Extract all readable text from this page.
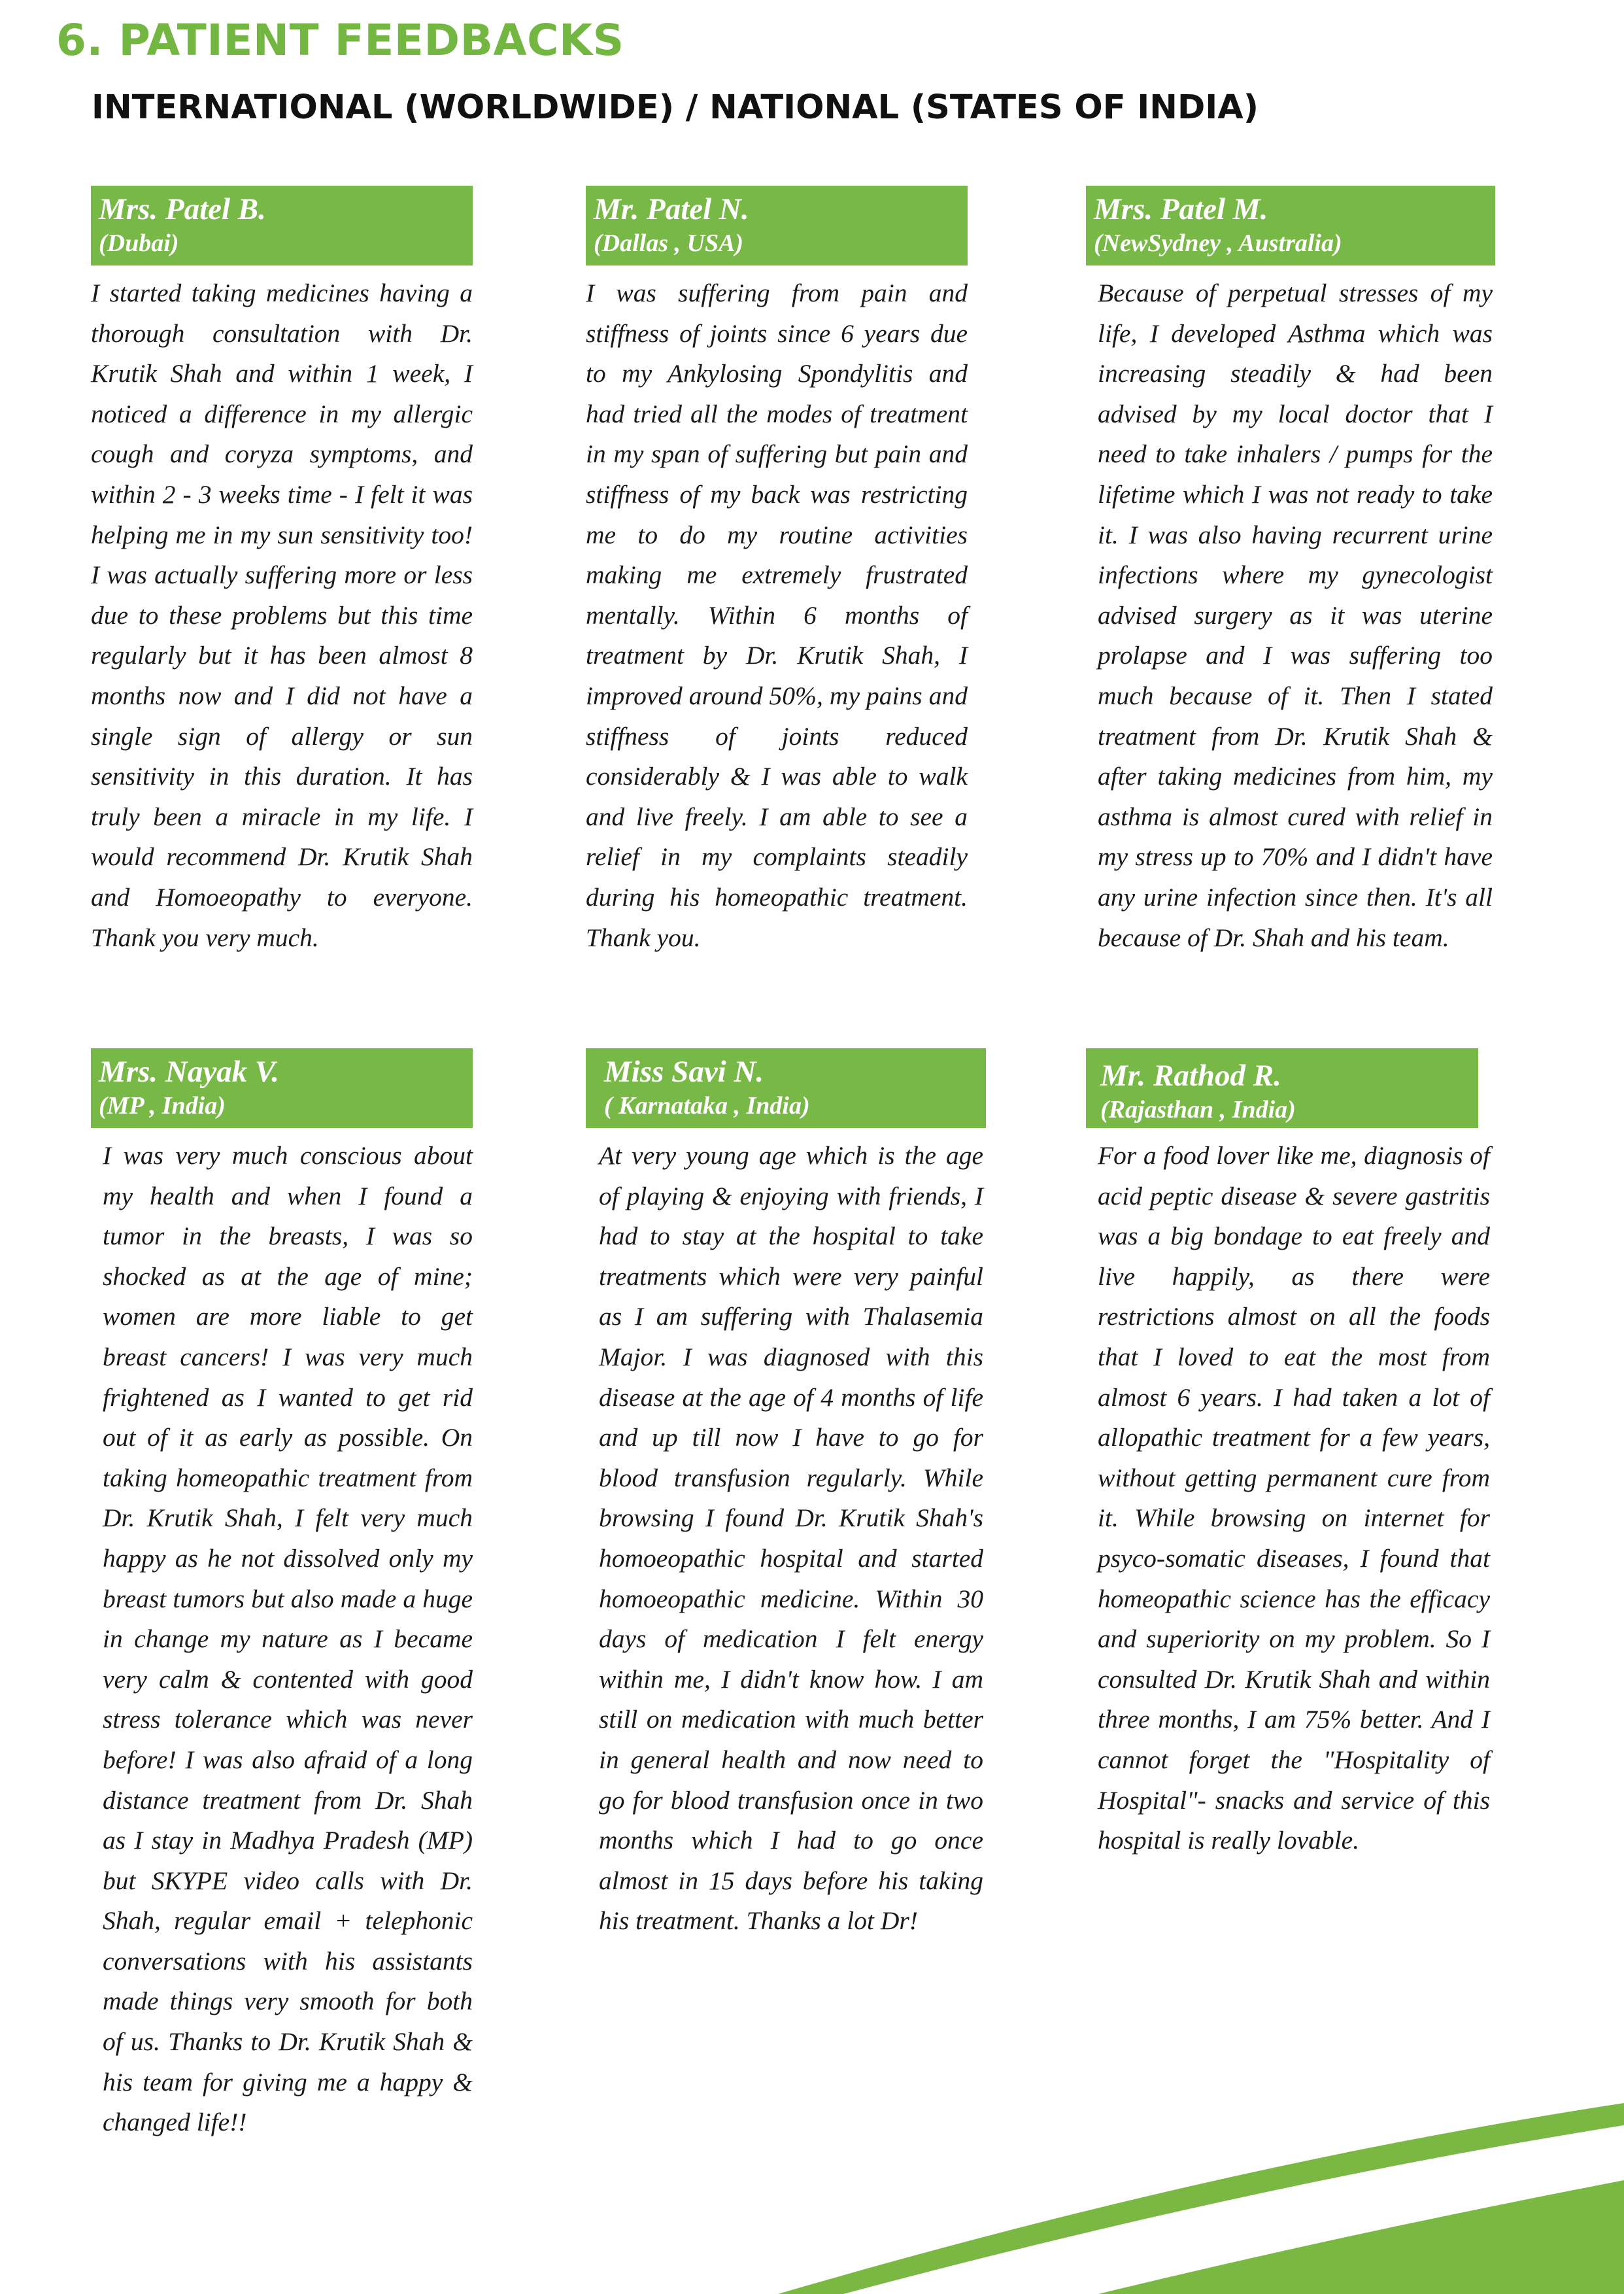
6. PATIENT FEEDBACKS
INTERNATIONAL (WORLDWIDE) / NATIONAL (STATES OF INDIA)
Mrs. Patel B.
(Dubai)

I started taking medicines having a thorough consultation with Dr. Krutik Shah and within 1 week, I noticed a difference in my allergic cough and coryza symptoms, and within 2 - 3 weeks time - I felt it was helping me in my sun sensitivity too! I was actually suffering more or less due to these problems but this time regularly but it has been almost 8 months now and I did not have a single sign of allergy or sun sensitivity in this duration. It has truly been a miracle in my life. I would recommend Dr. Krutik Shah and Homoeopathy to everyone. Thank you very much.

Mr. Patel N.
(Dallas , USA)

I was suffering from pain and stiffness of joints since 6 years due to my Ankylosing Spondylitis and had tried all the modes of treatment in my span of suffering but pain and stiffness of my back was restricting me to do my routine activities making me extremely frustrated mentally. Within 6 months of treatment by Dr. Krutik Shah, I improved around 50%, my pains and stiffness of joints reduced considerably & I was able to walk and live freely. I am able to see a relief in my complaints steadily during his homeopathic treatment. Thank you.

Mrs. Patel M.
(NewSydney , Australia)

Because of perpetual stresses of my life, I developed Asthma which was increasing steadily & had been advised by my local doctor that I need to take inhalers / pumps for the lifetime which I was not ready to take it. I was also having recurrent urine infections where my gynecologist advised surgery as it was uterine prolapse and I was suffering too much because of it. Then I stated treatment from Dr. Krutik Shah & after taking medicines from him, my asthma is almost cured with relief in my stress up to 70% and I didn't have any urine infection since then. It's all because of Dr. Shah and his team.

Mrs. Nayak V.
(MP , India)

I was very much conscious about my health and when I found a tumor in the breasts, I was so shocked as at the age of mine; women are more liable to get breast cancers! I was very much frightened as I wanted to get rid out of it as early as possible. On taking homeopathic treatment from Dr. Krutik Shah, I felt very much happy as he not dissolved only my breast tumors but also made a huge in change my nature as I became very calm & contented with good stress tolerance which was never before! I was also afraid of a long distance treatment from Dr. Shah as I stay in Madhya Pradesh (MP) but SKYPE video calls with Dr. Shah, regular email + telephonic conversations with his assistants made things very smooth for both of us. Thanks to Dr. Krutik Shah & his team for giving me a happy & changed life!!

Miss Savi N.
( Karnataka , India)

At very young age which is the age of playing & enjoying with friends, I had to stay at the hospital to take treatments which were very painful as I am suffering with Thalasemia Major. I was diagnosed with this disease at the age of 4 months of life and up till now I have to go for blood transfusion regularly. While browsing I found Dr. Krutik Shah's homoeopathic hospital and started homoeopathic medicine. Within 30 days of medication I felt energy within me, I didn't know how. I am still on medication with much better in general health and now need to go for blood transfusion once in two months which I had to go once almost in 15 days before his taking his treatment. Thanks a lot Dr!

Mr. Rathod R.
(Rajasthan , India)

For a food lover like me, diagnosis of acid peptic disease & severe gastritis was a big bondage to eat freely and live happily, as there were restrictions almost on all the foods that I loved to eat the most from almost 6 years. I had taken a lot of allopathic treatment for a few years, without getting permanent cure from it. While browsing on internet for psyco-somatic diseases, I found that homeopathic science has the efficacy and superiority on my problem. So I consulted Dr. Krutik Shah and within three months, I am 75% better. And I cannot forget the "Hospitality of Hospital"- snacks and service of this hospital is really lovable.
